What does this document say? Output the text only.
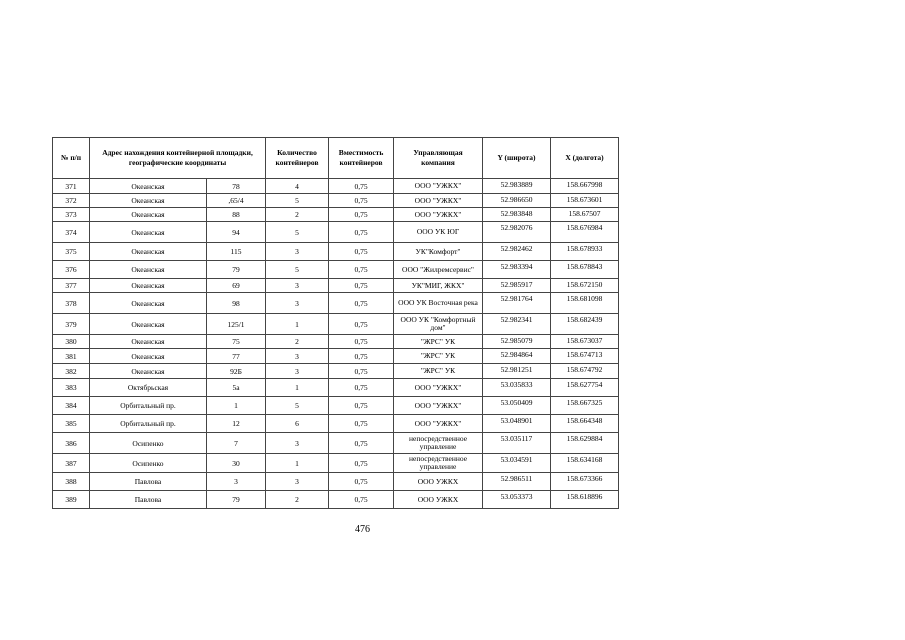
№ п/п	Адрес нахождения контейнерной площадки, географические координаты		Количество контейнеров	Вместимость контейнеров	Управляющая компания	Y (широта)	X (долгота)
371	Океанская	78	4	0,75	ООО "УЖКХ"	52.983889	158.667998
372	Океанская	,65/4	5	0,75	ООО "УЖКХ"	52.986650	158.673601
373	Океанская	88	2	0,75	ООО "УЖКХ"	52.983848	158.67507
374	Океанская	94	5	0,75	ООО УК ЮГ	52.982076	158.676984
375	Океанская	115	3	0,75	УК"Комфорт"	52.982462	158.678933
376	Океанская	79	5	0,75	ООО "Жилремсервис"	52.983394	158.678843
377	Океанская	69	3	0,75	УК"МИГ, ЖКХ"	52.985917	158.672150
378	Океанская	98	3	0,75	ООО УК Восточная река	52.981764	158.681098
379	Океанская	125/1	1	0,75	ООО УК "Комфортный дом"	52.982341	158.682439
380	Океанская	75	2	0,75	"ЖРС" УК	52.985079	158.673037
381	Океанская	77	3	0,75	"ЖРС" УК	52.984864	158.674713
382	Океанская	92Б	3	0,75	"ЖРС" УК	52.981251	158.674792
383	Октябрьская	5а	1	0,75	ООО "УЖКХ"	53.035833	158.627754
384	Орбитальный пр.	1	5	0,75	ООО "УЖКХ"	53.050409	158.667325
385	Орбитальный пр.	12	6	0,75	ООО "УЖКХ"	53.048901	158.664348
386	Осипенко	7	3	0,75	непосредственное управление	53.035117	158.629884
387	Осипенко	30	1	0,75	непосредственное управление	53.034591	158.634168
388	Павлова	3	3	0,75	ООО УЖКХ	52.986511	158.673366
389	Павлова	79	2	0,75	ООО УЖКХ	53.053373	158.618896
476
